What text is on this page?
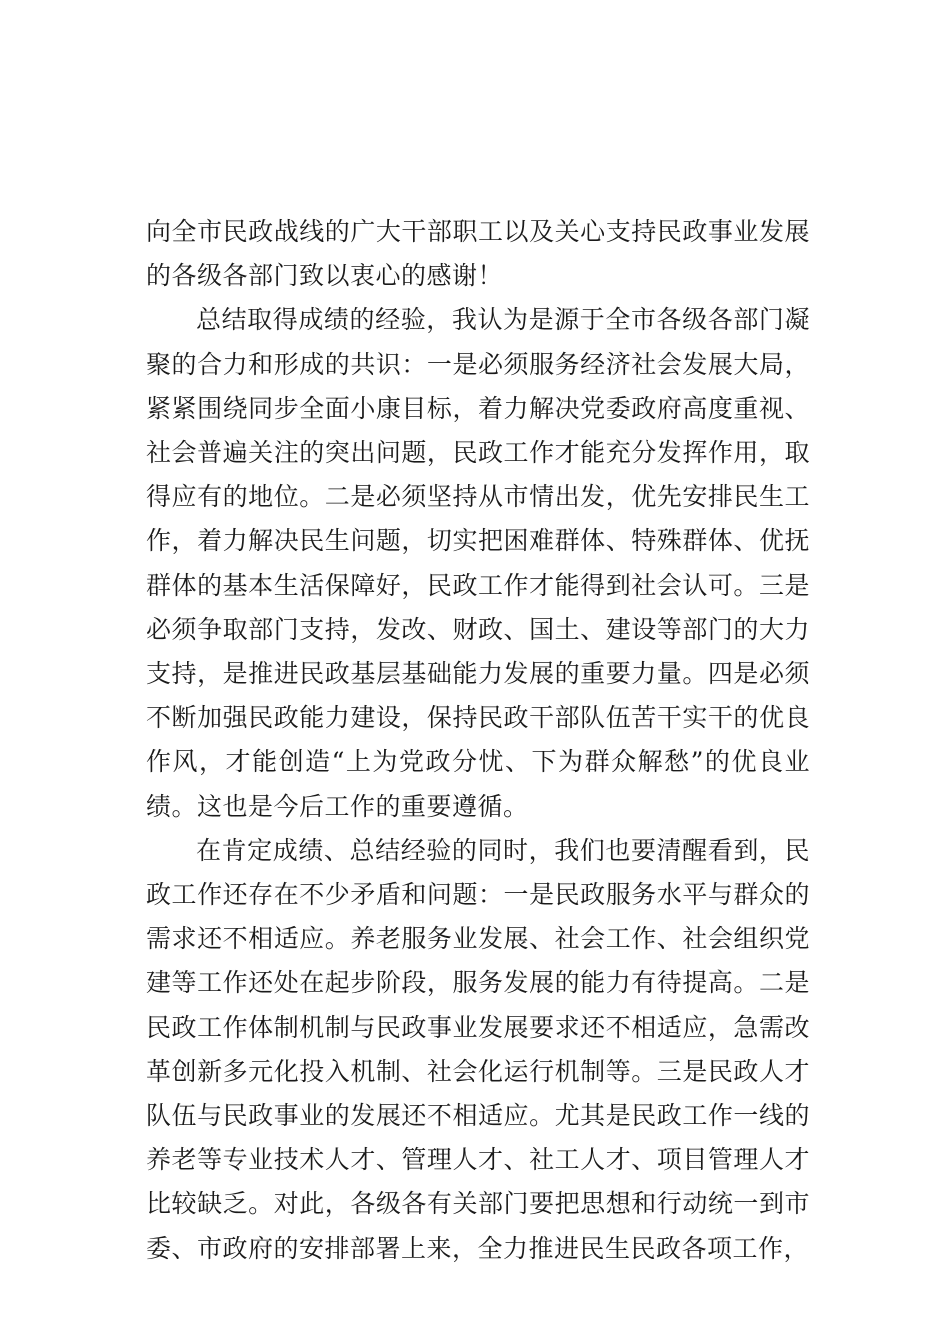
向全市民政战线的广大干部职工以及关心支持民政事业发展的各级各部门致以衷心的感谢！

总结取得成绩的经验，我认为是源于全市各级各部门凝聚的合力和形成的共识：一是必须服务经济社会发展大局，紧紧围绕同步全面小康目标，着力解决党委政府高度重视、社会普遍关注的突出问题，民政工作才能充分发挥作用，取得应有的地位。二是必须坚持从市情出发，优先安排民生工作，着力解决民生问题，切实把困难群体、特殊群体、优抚群体的基本生活保障好，民政工作才能得到社会认可。三是必须争取部门支持，发改、财政、国土、建设等部门的大力支持，是推进民政基层基础能力发展的重要力量。四是必须不断加强民政能力建设，保持民政干部队伍苦干实干的优良作风，才能创造“上为党政分忧、下为群众解愁”的优良业绩。这也是今后工作的重要遵循。

在肯定成绩、总结经验的同时，我们也要清醒看到，民政工作还存在不少矛盾和问题：一是民政服务水平与群众的需求还不相适应。养老服务业发展、社会工作、社会组织党建等工作还处在起步阶段，服务发展的能力有待提高。二是民政工作体制机制与民政事业发展要求还不相适应，急需改革创新多元化投入机制、社会化运行机制等。三是民政人才队伍与民政事业的发展还不相适应。尤其是民政工作一线的养老等专业技术人才、管理人才、社工人才、项目管理人才比较缺乏。对此，各级各有关部门要把思想和行动统一到市委、市政府的安排部署上来，全力推进民生民政各项工作，
